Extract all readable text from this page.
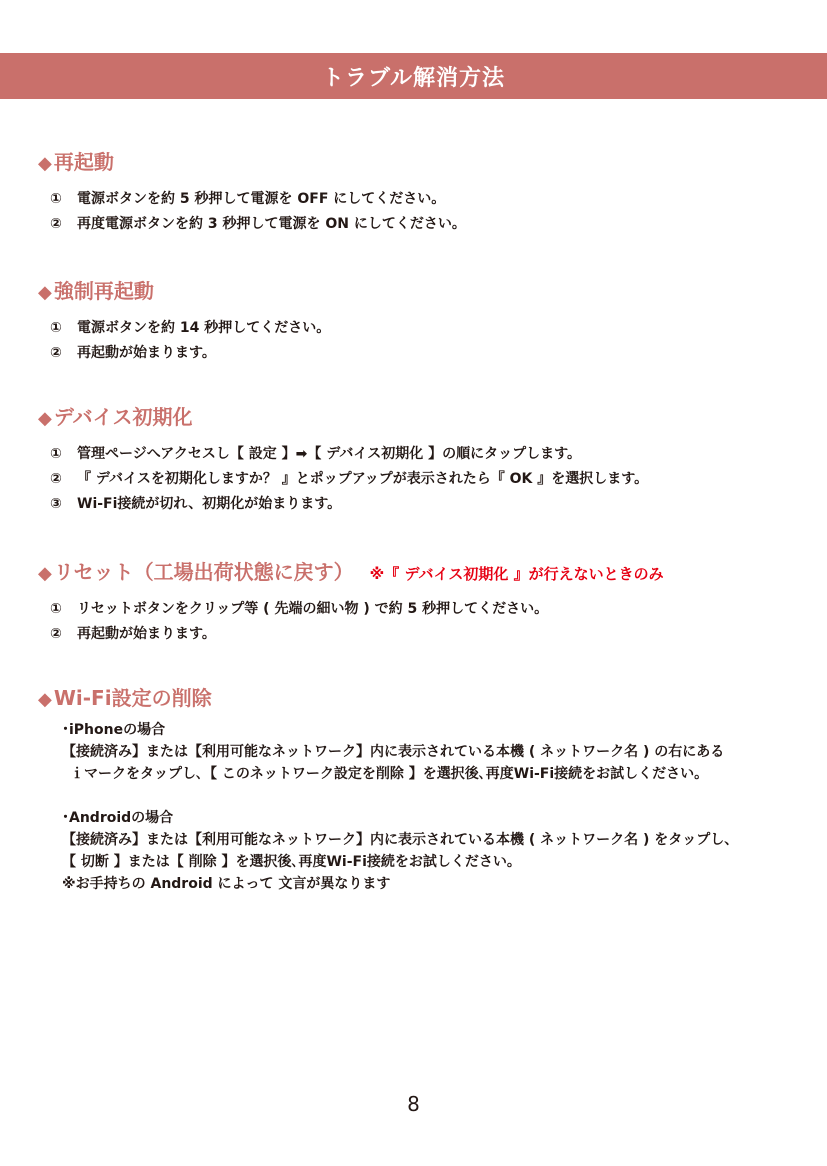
トラブル解消方法
◆ 再起動
①	電源ボタンを約 5 秒押して電源を OFF にしてください。
②	再度電源ボタンを約 3 秒押して電源を ON にしてください。
◆ 強制再起動
①	電源ボタンを約 14 秒押してください。
②	再起動が始まります。
◆ デバイス初期化
①	管理ページへアクセスし【 設定 】➡【 デバイス初期化 】の順にタップします。
②	『 デバイスを初期化しますか？ 』とポップアップが表示されたら『 OK 』を選択します。
③	Wi-Fi接続が切れ、初期化が始まります。
◆ リセット（工場出荷状態に戻す） ※『 デバイス初期化 』が行えないときのみ
①	リセットボタンをクリップ等 ( 先端の細い物 ) で約 5 秒押してください。
②	再起動が始まります。
◆ Wi-Fi設定の削除
･iPhoneの場合
【接続済み】または【利用可能なネットワーク】内に表示されている本機 ( ネットワーク名 ) の右にある
ｉマークをタップし､【 このネットワーク設定を削除 】を選択後､再度Wi-Fi接続をお試しください。
･Androidの場合
【接続済み】または【利用可能なネットワーク】内に表示されている本機 ( ネットワーク名 ) をタップし、
【 切断 】または【 削除 】を選択後､再度Wi-Fi接続をお試しください。
※お手持ちの Android によって 文言が異なります
8
